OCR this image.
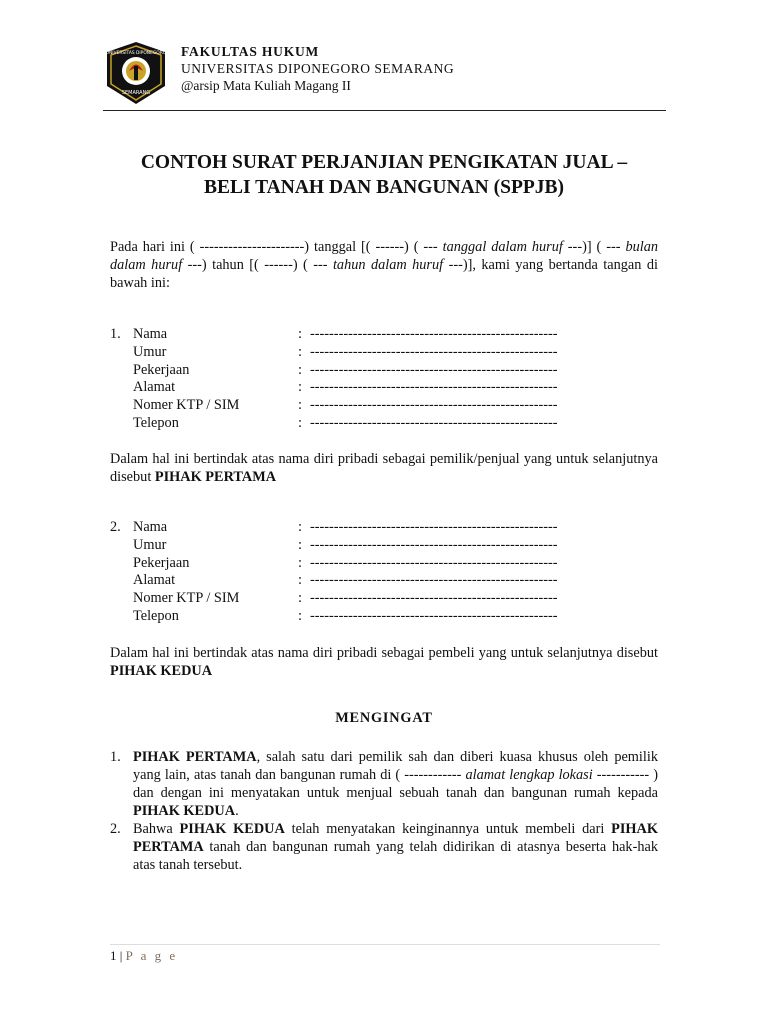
UNIVERSITAS DIPONEGORO
SEMARANG
FAKULTAS HUKUM
UNIVERSITAS DIPONEGORO SEMARANG
@arsip Mata Kuliah Magang II
CONTOH SURAT PERJANJIAN PENGIKATAN JUAL –
BELI TANAH DAN BANGUNAN (SPPJB)
Pada hari ini ( ----------------------) tanggal [( ------) ( --- tanggal dalam huruf ---)] ( --- bulan dalam huruf ---) tahun [( ------) ( --- tahun dalam huruf ---)], kami yang bertanda tangan di bawah ini:
1. Nama	: ----------------------------------------------------
Umur	: ----------------------------------------------------
Pekerjaan	: ----------------------------------------------------
Alamat	: ----------------------------------------------------
Nomer KTP / SIM	: ----------------------------------------------------
Telepon	: ----------------------------------------------------
Dalam hal ini bertindak atas nama diri pribadi sebagai pemilik/penjual yang untuk selanjutnya disebut PIHAK PERTAMA
2. Nama	: ----------------------------------------------------
Umur	: ----------------------------------------------------
Pekerjaan	: ----------------------------------------------------
Alamat	: ----------------------------------------------------
Nomer KTP / SIM	: ----------------------------------------------------
Telepon	: ----------------------------------------------------
Dalam hal ini bertindak atas nama diri pribadi sebagai pembeli yang untuk selanjutnya disebut PIHAK KEDUA
MENGINGAT
1. PIHAK PERTAMA, salah satu dari pemilik sah dan diberi kuasa khusus oleh pemilik yang lain, atas tanah dan bangunan rumah di ( ------------ alamat lengkap lokasi ----------- ) dan dengan ini menyatakan untuk menjual sebuah tanah dan bangunan rumah kepada PIHAK KEDUA.
2. Bahwa PIHAK KEDUA telah menyatakan keinginannya untuk membeli dari PIHAK PERTAMA tanah dan bangunan rumah yang telah didirikan di atasnya beserta hak-hak atas tanah tersebut.
1 | P a g e
